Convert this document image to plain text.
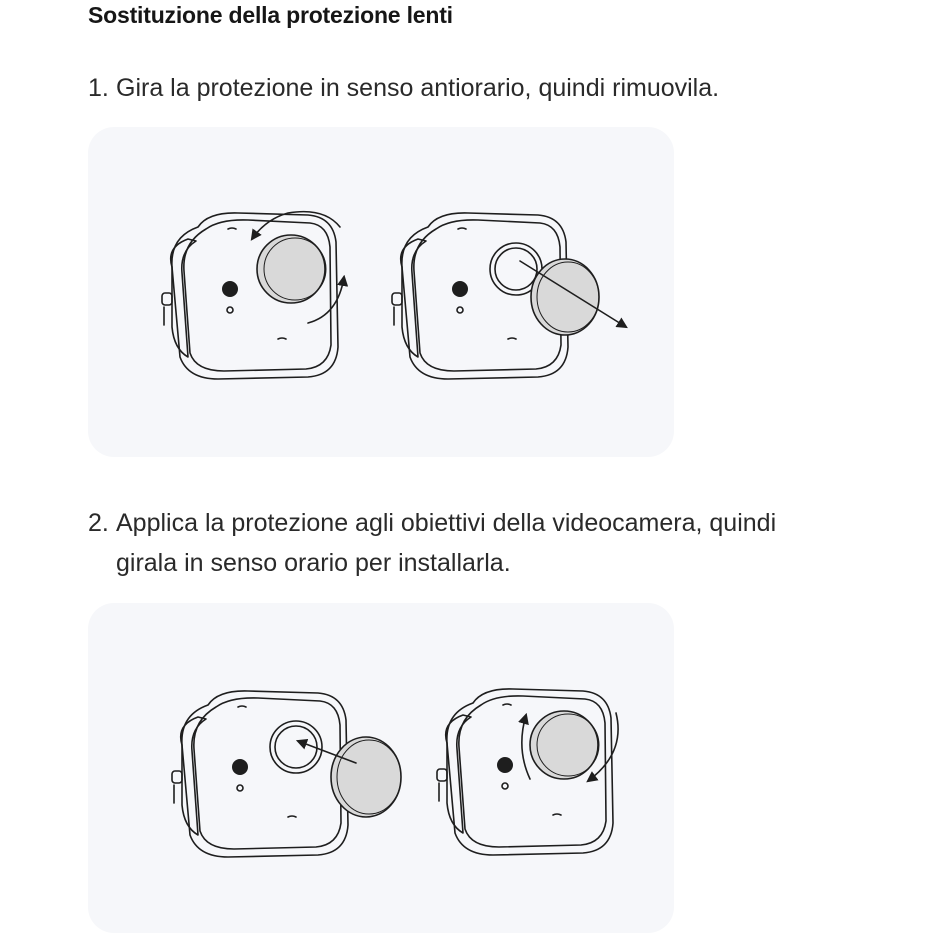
Sostituzione della protezione lenti
1. Gira la protezione in senso antiorario, quindi rimuovila.
2. Applica la protezione agli obiettivi della videocamera, quindi
girala in senso orario per installarla.
